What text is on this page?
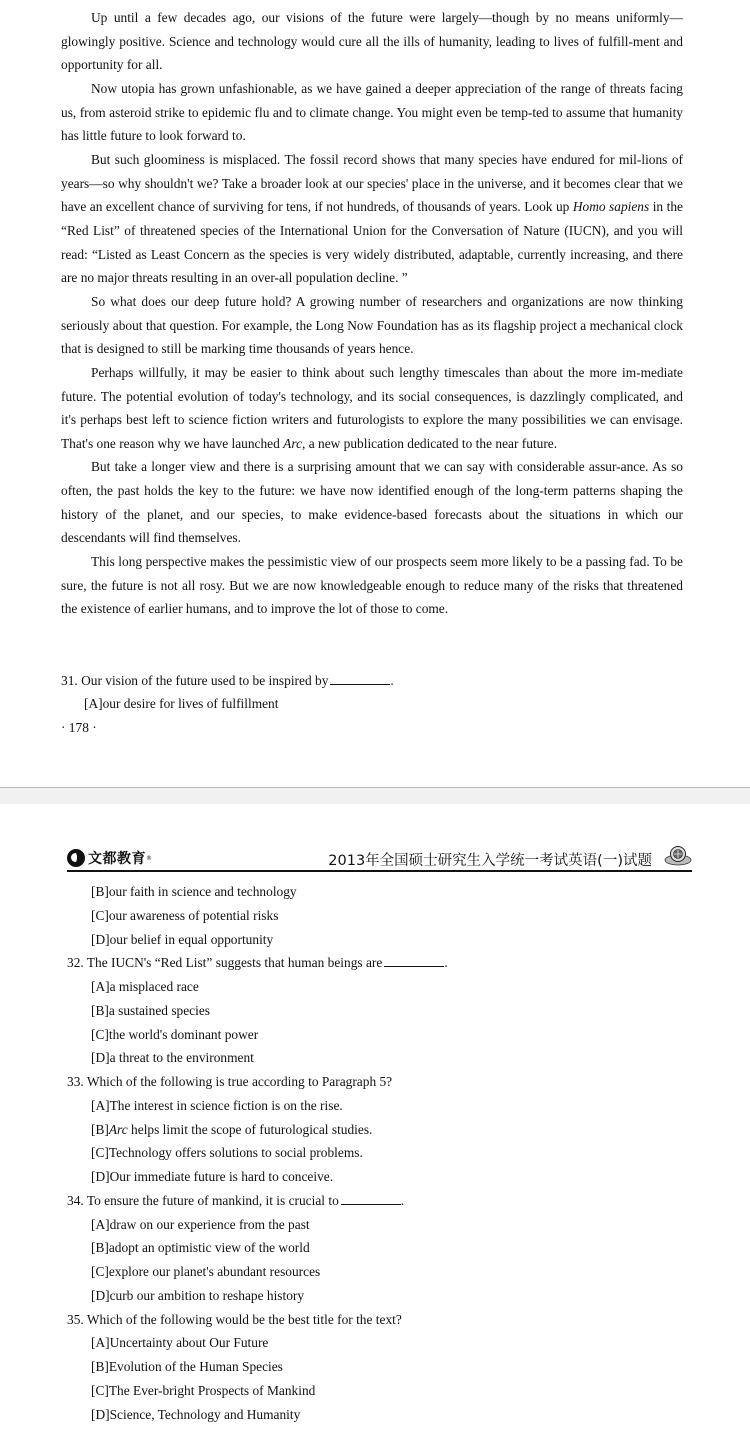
Up until a few decades ago, our visions of the future were largely—though by no means uniformly—glowingly positive. Science and technology would cure all the ills of humanity, leading to lives of fulfill-ment and opportunity for all.

Now utopia has grown unfashionable, as we have gained a deeper appreciation of the range of threats facing us, from asteroid strike to epidemic flu and to climate change. You might even be temp-ted to assume that humanity has little future to look forward to.

But such gloominess is misplaced. The fossil record shows that many species have endured for mil-lions of years—so why shouldn't we? Take a broader look at our species' place in the universe, and it becomes clear that we have an excellent chance of surviving for tens, if not hundreds, of thousands of years. Look up Homo sapiens in the “Red List” of threatened species of the International Union for the Conversation of Nature (IUCN), and you will read: “Listed as Least Concern as the species is very widely distributed, adaptable, currently increasing, and there are no major threats resulting in an over-all population decline. ”

So what does our deep future hold? A growing number of researchers and organizations are now thinking seriously about that question. For example, the Long Now Foundation has as its flagship project a mechanical clock that is designed to still be marking time thousands of years hence.

Perhaps willfully, it may be easier to think about such lengthy timescales than about the more im-mediate future. The potential evolution of today's technology, and its social consequences, is dazzlingly complicated, and it's perhaps best left to science fiction writers and futurologists to explore the many possibilities we can envisage. That's one reason why we have launched Arc, a new publication dedicated to the near future.

But take a longer view and there is a surprising amount that we can say with considerable assur-ance. As so often, the past holds the key to the future: we have now identified enough of the long-term patterns shaping the history of the planet, and our species, to make evidence-based forecasts about the situations in which our descendants will find themselves.

This long perspective makes the pessimistic view of our prospects seem more likely to be a passing fad. To be sure, the future is not all rosy. But we are now knowledgeable enough to reduce many of the risks that threatened the existence of earlier humans, and to improve the lot of those to come.

31. Our vision of the future used to be inspired by	.
[A]our desire for lives of fulfillment
· 178 ·
文都教育 ®	2013年全国硕士研究生入学统一考试英语(一)试题

[B]our faith in science and technology

[C]our awareness of potential risks

[D]our belief in equal opportunity

32. The IUCN's “Red List” suggests that human beings are	.

[A]a misplaced race

[B]a sustained species

[C]the world's dominant power

[D]a threat to the environment

33. Which of the following is true according to Paragraph 5?

[A]The interest in science fiction is on the rise.

[B]Arc helps limit the scope of futurological studies.

[C]Technology offers solutions to social problems.

[D]Our immediate future is hard to conceive.

34. To ensure the future of mankind, it is crucial to	.

[A]draw on our experience from the past

[B]adopt an optimistic view of the world

[C]explore our planet's abundant resources

[D]curb our ambition to reshape history

35. Which of the following would be the best title for the text?

[A]Uncertainty about Our Future

[B]Evolution of the Human Species

[C]The Ever-bright Prospects of Mankind

[D]Science, Technology and Humanity
